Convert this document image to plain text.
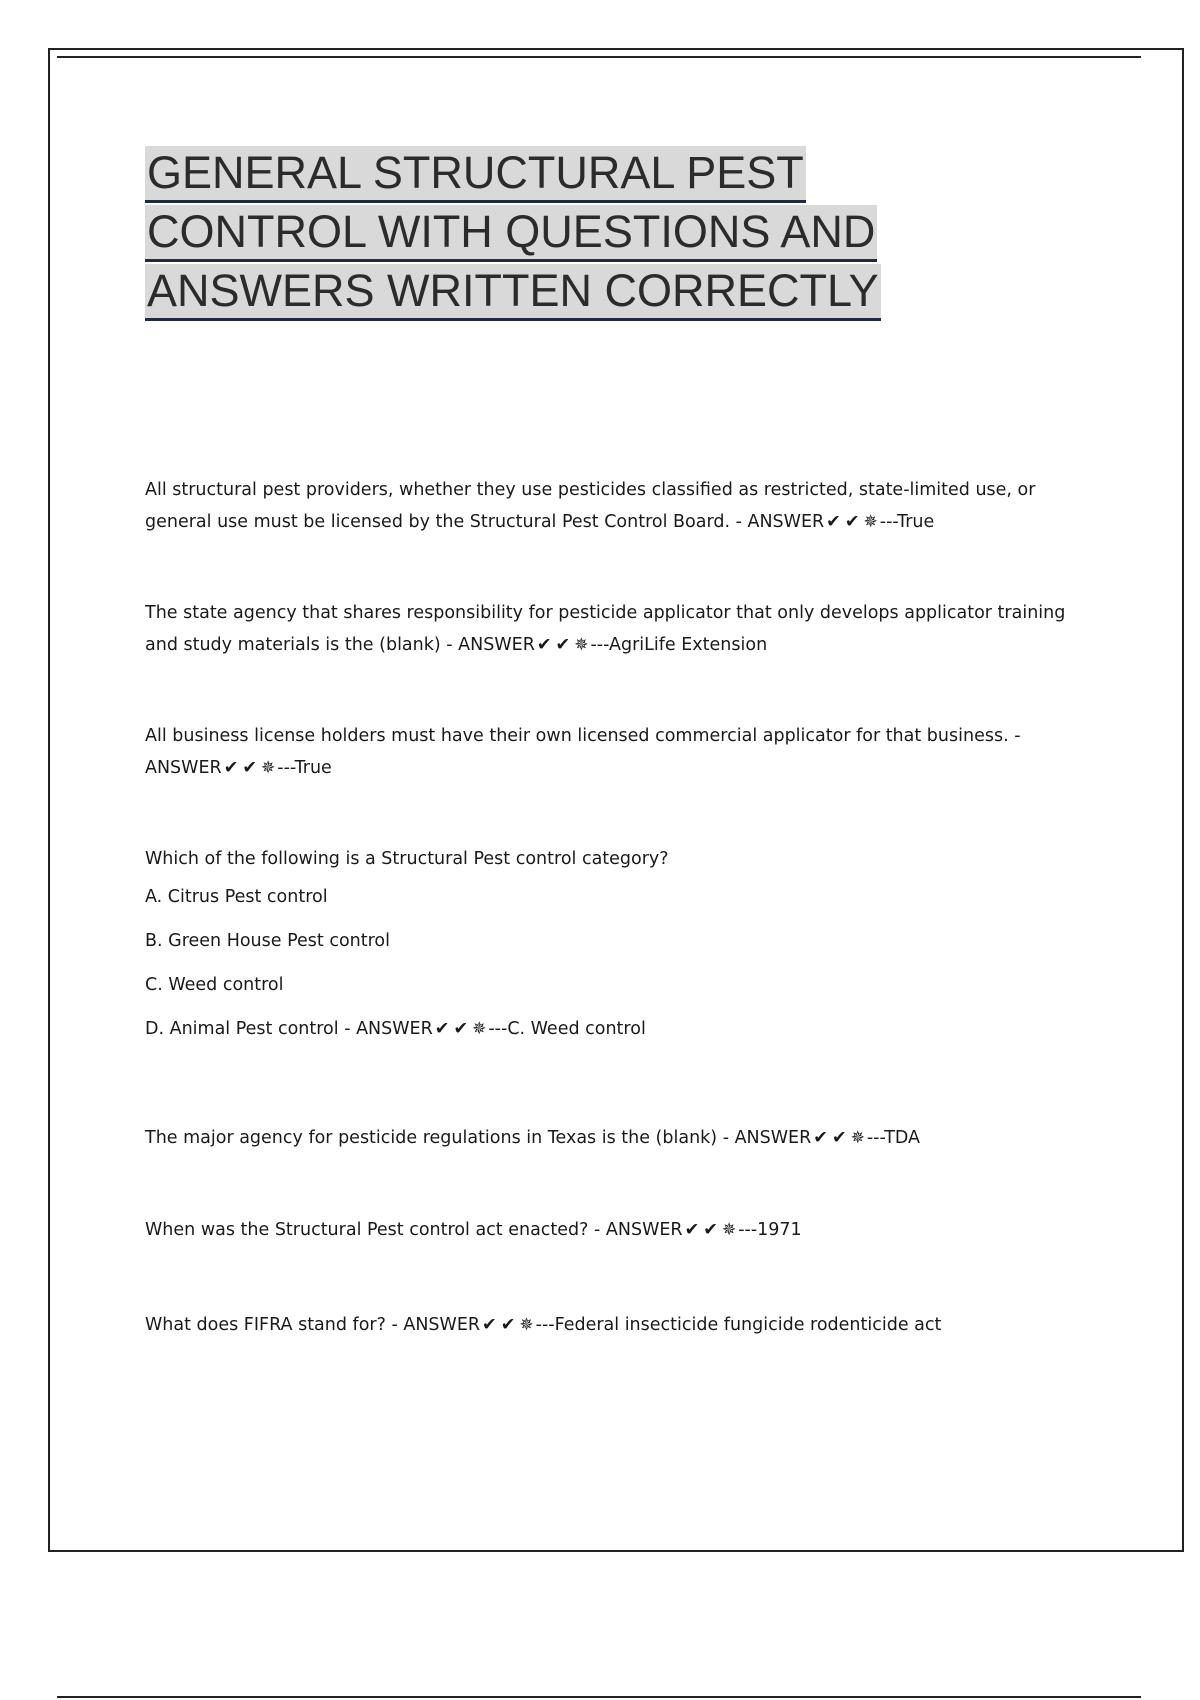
GENERAL STRUCTURAL PEST
CONTROL WITH QUESTIONS AND
ANSWERS WRITTEN CORRECTLY
All structural pest providers, whether they use pesticides classified as restricted, state-limited use, or
general use must be licensed by the Structural Pest Control Board. - ANSWER ✔ ✔ ✵ ---True
The state agency that shares responsibility for pesticide applicator that only develops applicator training
and study materials is the (blank) - ANSWER ✔ ✔ ✵ ---AgriLife Extension
All business license holders must have their own licensed commercial applicator for that business. -
ANSWER ✔ ✔ ✵ ---True
Which of the following is a Structural Pest control category?
A. Citrus Pest control
B. Green House Pest control
C. Weed control
D. Animal Pest control - ANSWER ✔ ✔ ✵ ---C. Weed control
The major agency for pesticide regulations in Texas is the (blank) - ANSWER ✔ ✔ ✵ ---TDA
When was the Structural Pest control act enacted? - ANSWER ✔ ✔ ✵ ---1971
What does FIFRA stand for? - ANSWER ✔ ✔ ✵ ---Federal insecticide fungicide rodenticide act
